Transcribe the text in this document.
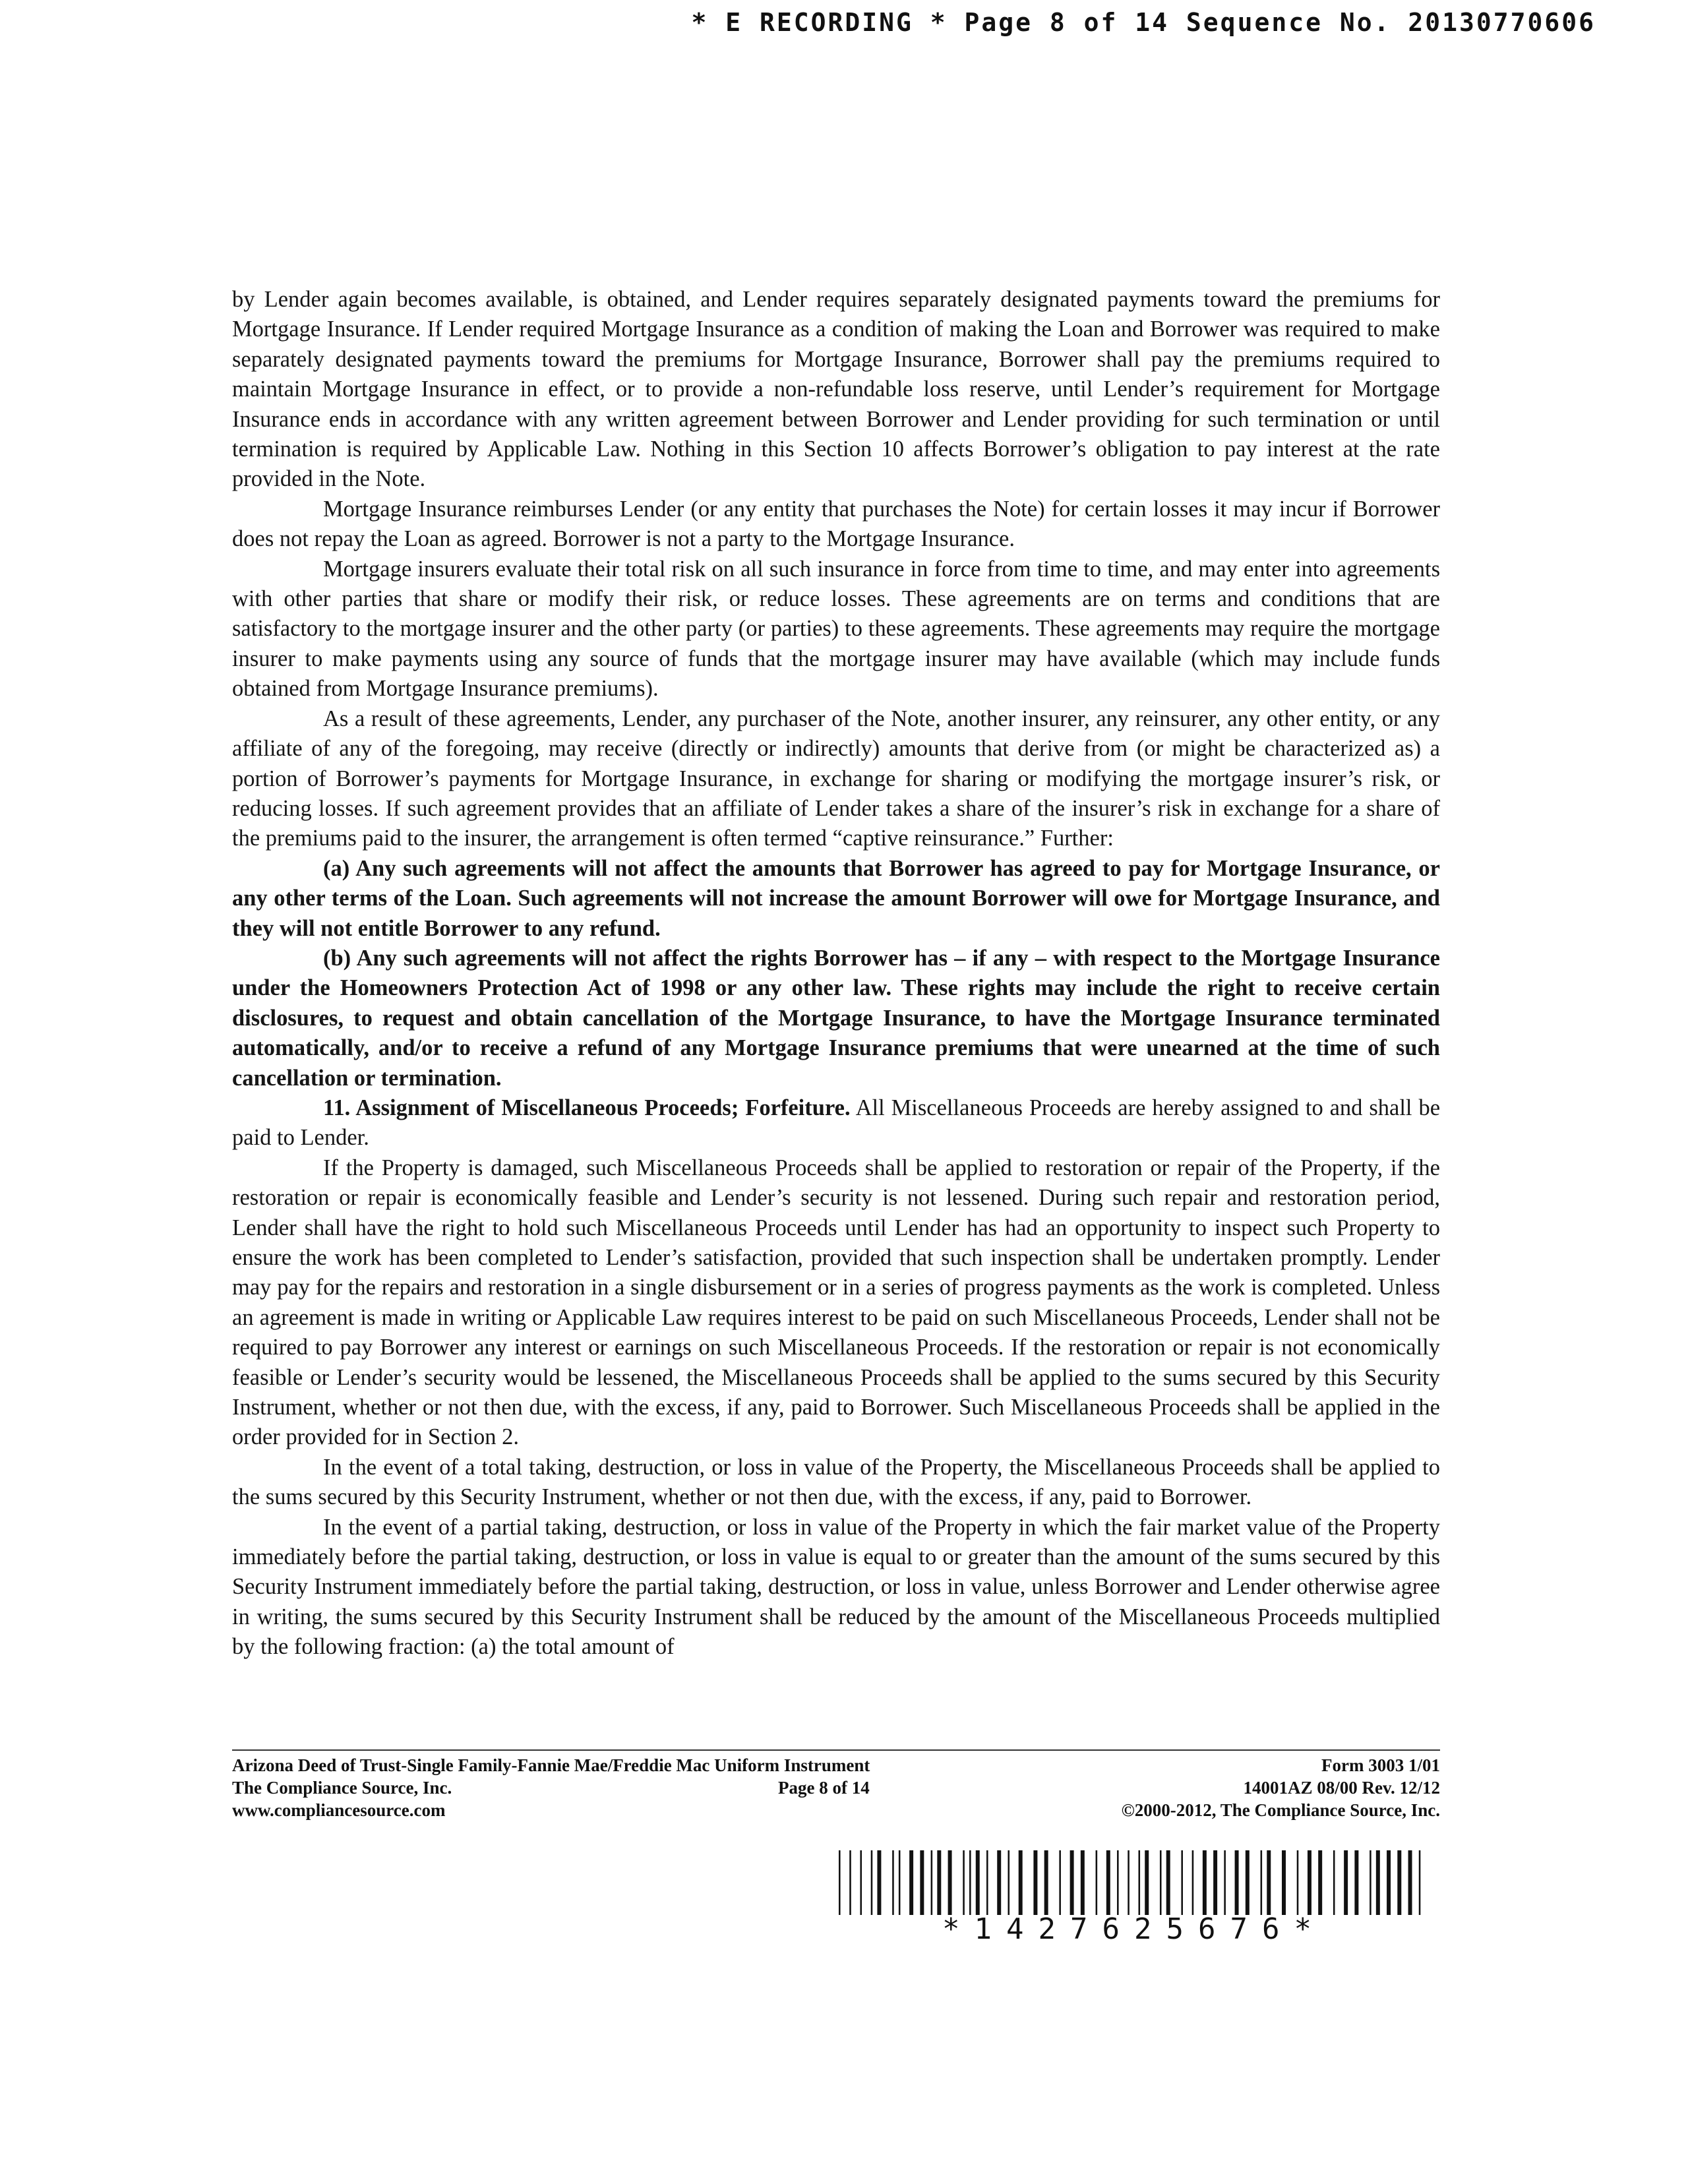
* E RECORDING * Page 8 of 14 Sequence No. 20130770606

by Lender again becomes available, is obtained, and Lender requires separately designated payments toward the premiums for Mortgage Insurance. If Lender required Mortgage Insurance as a condition of making the Loan and Borrower was required to make separately designated payments toward the premiums for Mortgage Insurance, Borrower shall pay the premiums required to maintain Mortgage Insurance in effect, or to provide a non-refundable loss reserve, until Lender’s requirement for Mortgage Insurance ends in accordance with any written agreement between Borrower and Lender providing for such termination or until termination is required by Applicable Law. Nothing in this Section 10 affects Borrower’s obligation to pay interest at the rate provided in the Note.

Mortgage Insurance reimburses Lender (or any entity that purchases the Note) for certain losses it may incur if Borrower does not repay the Loan as agreed. Borrower is not a party to the Mortgage Insurance.

Mortgage insurers evaluate their total risk on all such insurance in force from time to time, and may enter into agreements with other parties that share or modify their risk, or reduce losses. These agreements are on terms and conditions that are satisfactory to the mortgage insurer and the other party (or parties) to these agreements. These agreements may require the mortgage insurer to make payments using any source of funds that the mortgage insurer may have available (which may include funds obtained from Mortgage Insurance premiums).

As a result of these agreements, Lender, any purchaser of the Note, another insurer, any reinsurer, any other entity, or any affiliate of any of the foregoing, may receive (directly or indirectly) amounts that derive from (or might be characterized as) a portion of Borrower’s payments for Mortgage Insurance, in exchange for sharing or modifying the mortgage insurer’s risk, or reducing losses. If such agreement provides that an affiliate of Lender takes a share of the insurer’s risk in exchange for a share of the premiums paid to the insurer, the arrangement is often termed “captive reinsurance.” Further:

(a) Any such agreements will not affect the amounts that Borrower has agreed to pay for Mortgage Insurance, or any other terms of the Loan. Such agreements will not increase the amount Borrower will owe for Mortgage Insurance, and they will not entitle Borrower to any refund.

(b) Any such agreements will not affect the rights Borrower has – if any – with respect to the Mortgage Insurance under the Homeowners Protection Act of 1998 or any other law. These rights may include the right to receive certain disclosures, to request and obtain cancellation of the Mortgage Insurance, to have the Mortgage Insurance terminated automatically, and/or to receive a refund of any Mortgage Insurance premiums that were unearned at the time of such cancellation or termination.

11. Assignment of Miscellaneous Proceeds; Forfeiture. All Miscellaneous Proceeds are hereby assigned to and shall be paid to Lender.

If the Property is damaged, such Miscellaneous Proceeds shall be applied to restoration or repair of the Property, if the restoration or repair is economically feasible and Lender’s security is not lessened. During such repair and restoration period, Lender shall have the right to hold such Miscellaneous Proceeds until Lender has had an opportunity to inspect such Property to ensure the work has been completed to Lender’s satisfaction, provided that such inspection shall be undertaken promptly. Lender may pay for the repairs and restoration in a single disbursement or in a series of progress payments as the work is completed. Unless an agreement is made in writing or Applicable Law requires interest to be paid on such Miscellaneous Proceeds, Lender shall not be required to pay Borrower any interest or earnings on such Miscellaneous Proceeds. If the restoration or repair is not economically feasible or Lender’s security would be lessened, the Miscellaneous Proceeds shall be applied to the sums secured by this Security Instrument, whether or not then due, with the excess, if any, paid to Borrower. Such Miscellaneous Proceeds shall be applied in the order provided for in Section 2.

In the event of a total taking, destruction, or loss in value of the Property, the Miscellaneous Proceeds shall be applied to the sums secured by this Security Instrument, whether or not then due, with the excess, if any, paid to Borrower.

In the event of a partial taking, destruction, or loss in value of the Property in which the fair market value of the Property immediately before the partial taking, destruction, or loss in value is equal to or greater than the amount of the sums secured by this Security Instrument immediately before the partial taking, destruction, or loss in value, unless Borrower and Lender otherwise agree in writing, the sums secured by this Security Instrument shall be reduced by the amount of the Miscellaneous Proceeds multiplied by the following fraction: (a) the total amount of

Arizona Deed of Trust-Single Family-Fannie Mae/Freddie Mac Uniform Instrument
The Compliance Source, Inc.
www.compliancesource.com
Page 8 of 14
Form 3003 1/01
14001AZ 08/00 Rev. 12/12
©2000-2012, The Compliance Source, Inc.
*1427625676*
